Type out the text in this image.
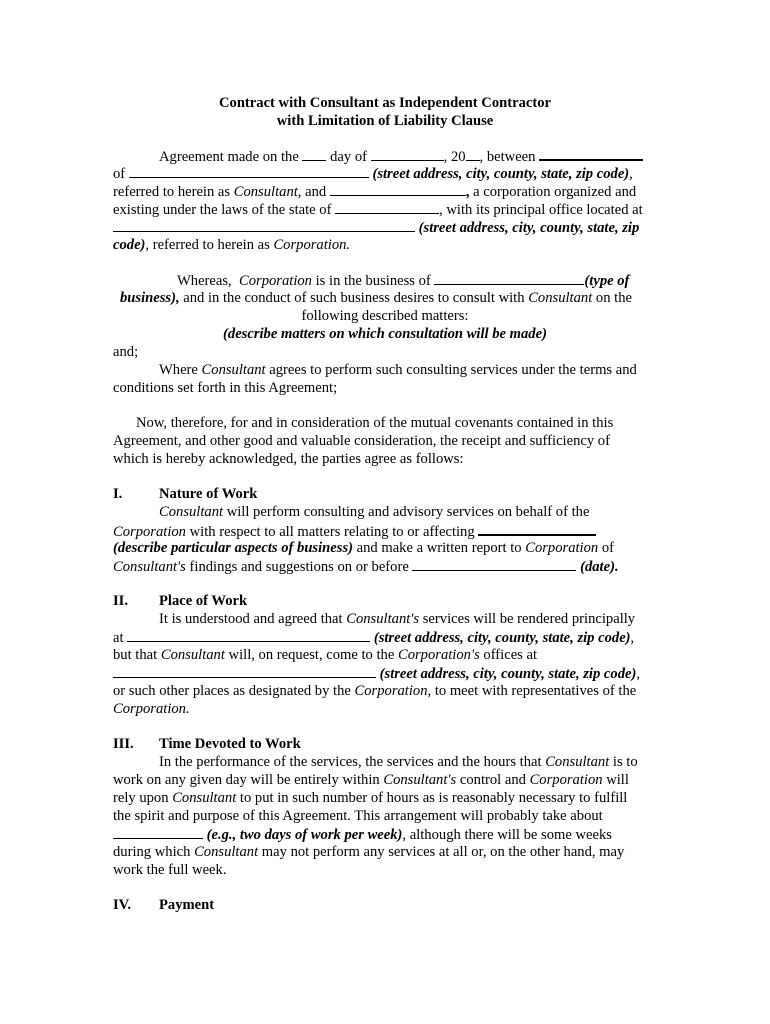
Contract with Consultant as Independent Contractor
with Limitation of Liability Clause
Agreement made on the  day of	, 20 , between
of	(street address, city, county, state, zip code),
referred to herein as Consultant, and	, a corporation organized and
existing under the laws of the state of	, with its principal office located at
(street address, city, county, state, zip
code), referred to herein as Corporation.
Whereas,  Corporation is in the business of	(type of
business), and in the conduct of such business desires to consult with Consultant on the
following described matters:
(describe matters on which consultation will be made)
and;
Where Consultant agrees to perform such consulting services under the terms and
conditions set forth in this Agreement;
Now, therefore, for and in consideration of the mutual covenants contained in this
Agreement, and other good and valuable consideration, the receipt and sufficiency of
which is hereby acknowledged, the parties agree as follows:
I.	Nature of Work
Consultant will perform consulting and advisory services on behalf of the
Corporation with respect to all matters relating to or affecting
(describe particular aspects of business) and make a written report to Corporation of
Consultant's findings and suggestions on or before	(date).
II. Place of Work
It is understood and agreed that Consultant's services will be rendered principally
at	(street address, city, county, state, zip code),
but that Consultant will, on request, come to the Corporation's offices at
(street address, city, county, state, zip code),
or such other places as designated by the Corporation, to meet with representatives of the
Corporation.
III. Time Devoted to Work
In the performance of the services, the services and the hours that Consultant is to
work on any given day will be entirely within Consultant's control and Corporation will
rely upon Consultant to put in such number of hours as is reasonably necessary to fulfill
the spirit and purpose of this Agreement. This arrangement will probably take about
(e.g., two days of work per week), although there will be some weeks
during which Consultant may not perform any services at all or, on the other hand, may
work the full week.
IV. Payment
